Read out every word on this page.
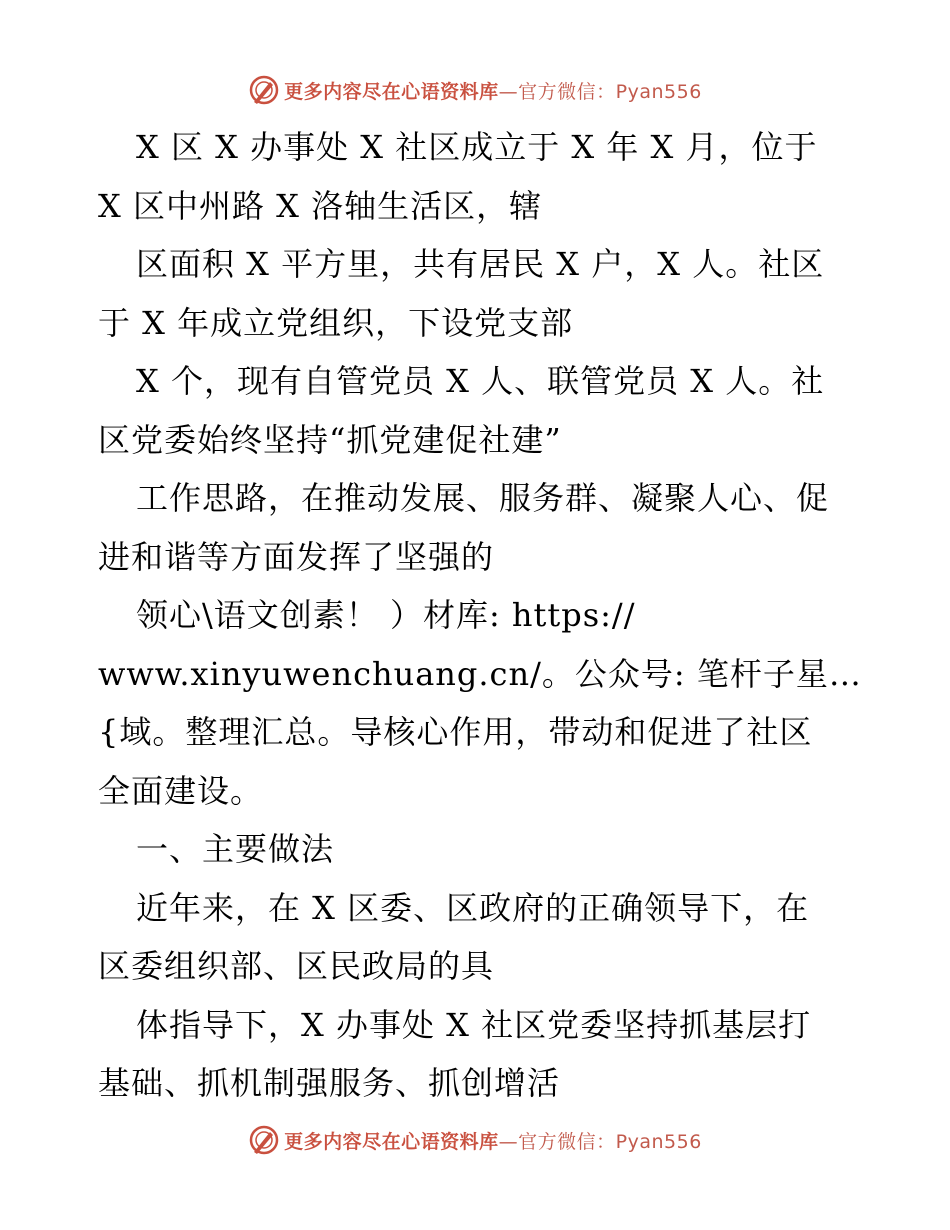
更多内容尽在心语资料库—官方微信：Pyan556
X 区 X 办事处 X 社区成立于 X 年 X 月，位于
X 区中州路 X 洛轴生活区，辖
区面积 X 平方里，共有居民 X 户，X 人。社区
于 X 年成立党组织，下设党支部
X 个，现有自管党员 X 人、联管党员 X 人。社
区党委始终坚持“抓党建促社建”
工作思路，在推动发展、服务群、凝聚人心、促
进和谐等方面发挥了坚强的
领心\语文创素！ ）材库: https://
www.xinyuwenchuang.cn/。公众号: 笔杆子星…
{域。整理汇总。导核心作用，带动和促进了社区
全面建设。
一、主要做法
近年来，在 X 区委、区政府的正确领导下，在
区委组织部、区民政局的具
体指导下，X 办事处 X 社区党委坚持抓基层打
基础、抓机制强服务、抓创增活
更多内容尽在心语资料库—官方微信：Pyan556
